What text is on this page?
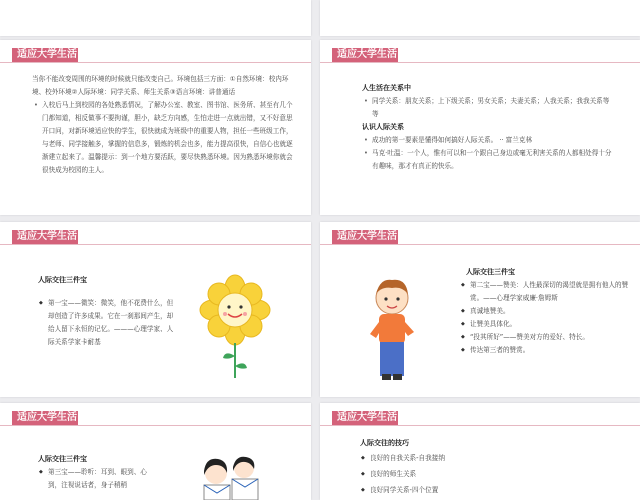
适应大学生活

当你不能改变周围的环境的时候就只能改变自己。环境包括三方面：①自然环境：校内环境、校外环境②人际环境：同学关系、师生关系③语言环境：讲普通话

• 入校后马上到校园的各处熟悉情况，了解办公室、教室、图书馆、医务所、甚至有几个门都知道，相反做事不要拘谨，胆小，缺乏方向感，生怕走进一点就出错，又不好意思开口问，对新环境适应快的学生，很快就成为班级中的重要人物，担任一些班级工作，与老师、同学接触多，掌握的信息多，锻炼的机会也多，能力提高很快，自信心也就逐渐建立起来了。温馨提示：到一个地方要活跃，要尽快熟悉环境。因为熟悉环境你就会很快成为校园的主人。
适应大学生活
人生活在关系中
• 同学关系：朋友关系；上下级关系；男女关系；夫妻关系；人我关系；我我关系等等
认识人际关系
• 成功的第一要素是懂得如何搞好人际关系。 ·· 富兰克林
• 马克·吐温：一个人，惟有可以和一个跟自己身边或毫无利害关系的人都相处得十分有趣味，那才有真正的快乐。
适应大学生活
人际交往三件宝
◆ 第一宝——微笑：微笑，他不花费什么，但却创造了许多成果。它在一刹那间产生，却给人留下永恒的记忆。———心理学家、人际关系学家卡耐基
适应大学生活
人际交往三件宝
◆ 第二宝——赞美：人性最深切的渴望就是拥有他人的赞赏。——心理学家威廉·詹姆斯
◆ 真诚地赞美。
◆ 让赞美具体化。
◆ “投其所好”——赞美对方的爱好、特长。
◆ 传达第三者的赞赏。
适应大学生活
人际交往三件宝
◆ 第三宝——聆听：耳到、眼到、心到，注视说话者，身子稍稍
适应大学生活
人际交往的技巧
◆ 良好的自我关系-自我接纳
◆ 良好的师生关系
◆ 良好同学关系-四个位置
